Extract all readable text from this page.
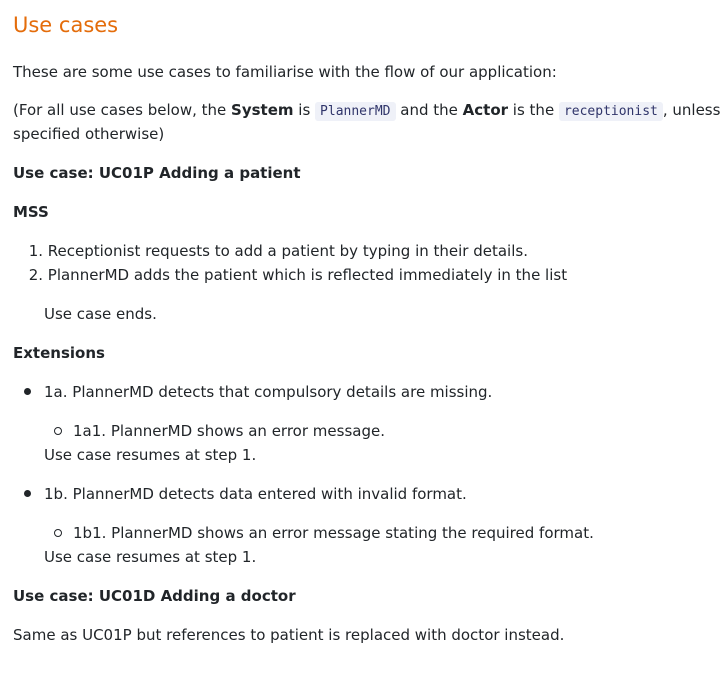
Use cases
These are some use cases to familiarise with the flow of our application:
(For all use cases below, the System is PlannerMD and the Actor is the receptionist , unless
specified otherwise)
Use case: UC01P Adding a patient
MSS
1. Receptionist requests to add a patient by typing in their details.
2. PlannerMD adds the patient which is reflected immediately in the list
Use case ends.
Extensions
1a. PlannerMD detects that compulsory details are missing.
1a1. PlannerMD shows an error message.
Use case resumes at step 1.
1b. PlannerMD detects data entered with invalid format.
1b1. PlannerMD shows an error message stating the required format.
Use case resumes at step 1.
Use case: UC01D Adding a doctor
Same as UC01P but references to patient is replaced with doctor instead.
